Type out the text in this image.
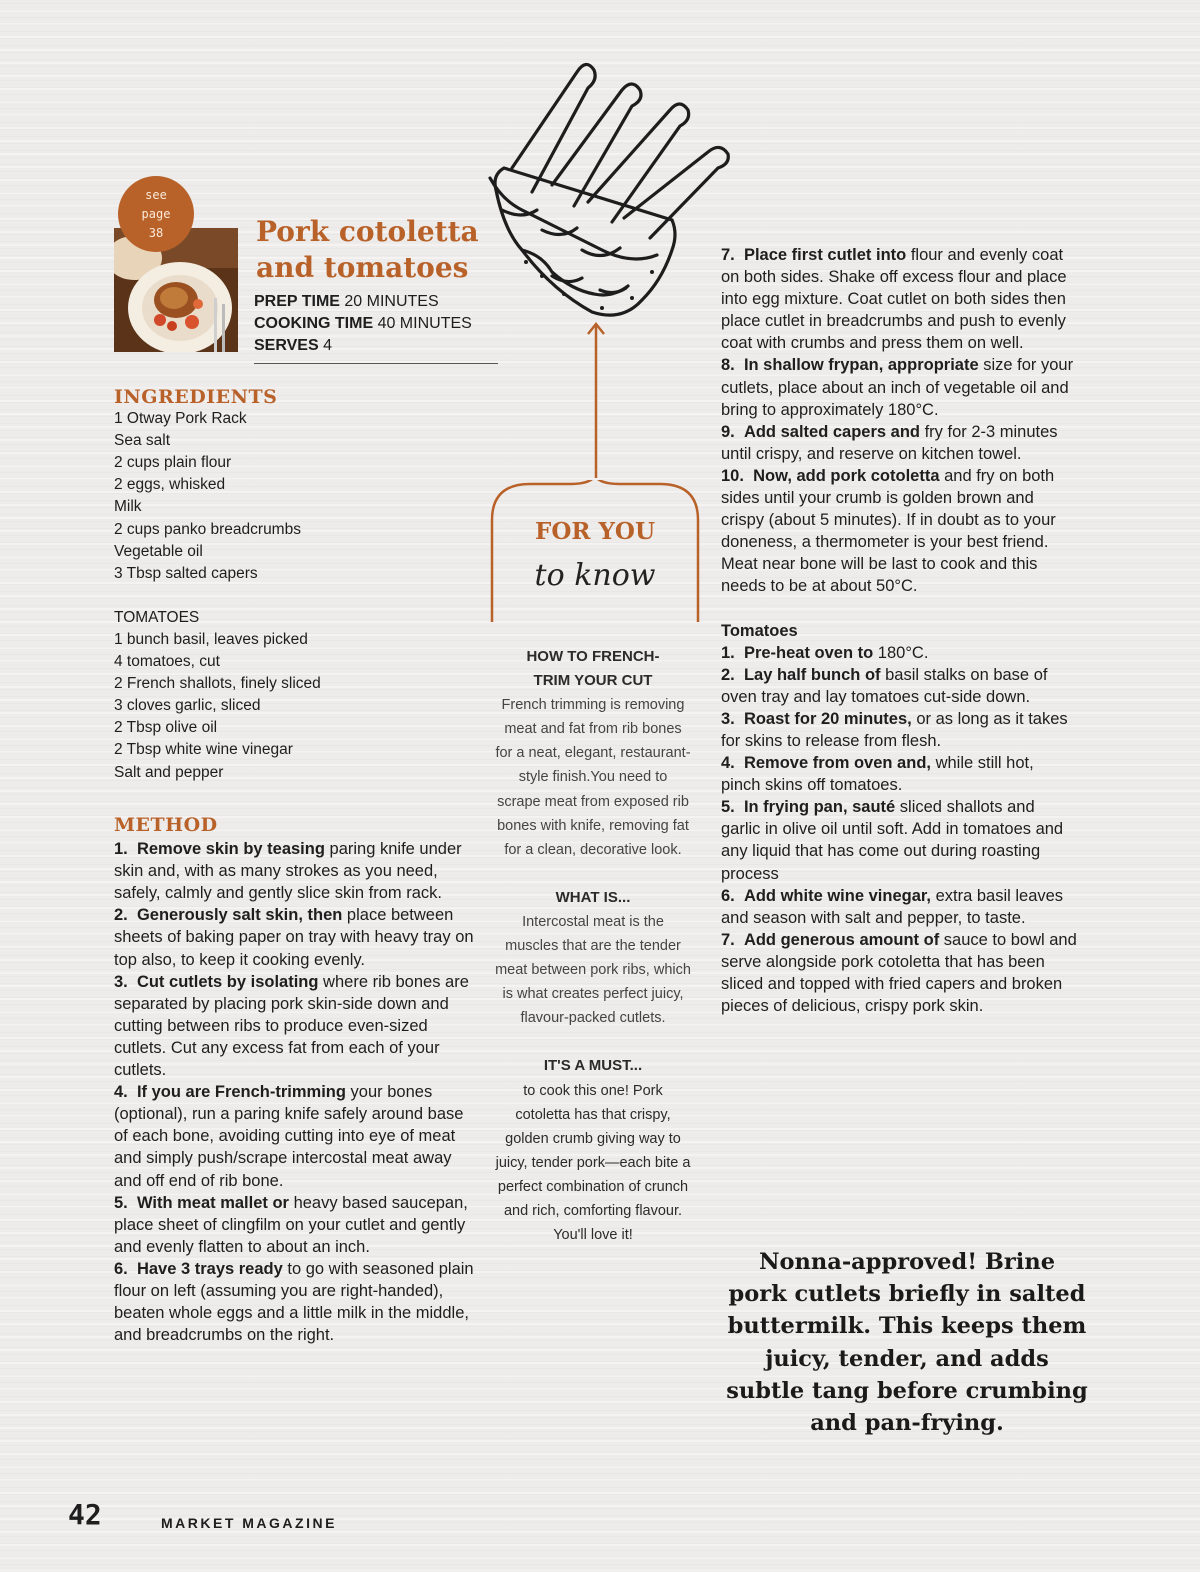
see
page
38	Pork cotoletta
and tomatoes
PREP TIME 20 MINUTES
COOKING TIME 40 MINUTES
SERVES 4
FOR YOU
to know

HOW TO FRENCH-
TRIM YOUR CUT

French trimming is removing meat and fat from rib bones for a neat, elegant, restaurant-style finish.You need to scrape meat from exposed rib bones with knife, removing fat for a clean, decorative look.

WHAT IS...

Intercostal meat is the muscles that are the tender meat between pork ribs, which is what creates perfect juicy, flavour-packed cutlets.

IT'S A MUST...

to cook this one! Pork cotoletta has that crispy, golden crumb giving way to juicy, tender pork—each bite a perfect combination of crunch and rich, comforting flavour. You'll love it!

INGREDIENTS
1 Otway Pork Rack
Sea salt
2 cups plain flour
2 eggs, whisked
Milk
2 cups panko breadcrumbs
Vegetable oil
3 Tbsp salted capers
TOMATOES
1 bunch basil, leaves picked
4 tomatoes, cut
2 French shallots, finely sliced
3 cloves garlic, sliced
2 Tbsp olive oil
2 Tbsp white wine vinegar
Salt and pepper
METHOD

1. Remove skin by teasing paring knife under skin and, with as many strokes as you need, safely, calmly and gently slice skin from rack.

2. Generously salt skin, then place between sheets of baking paper on tray with heavy tray on top also, to keep it cooking evenly.

3. Cut cutlets by isolating where rib bones are separated by placing pork skin-side down and cutting between ribs to produce even-sized cutlets. Cut any excess fat from each of your cutlets.

4. If you are French-trimming your bones (optional), run a paring knife safely around base of each bone, avoiding cutting into eye of meat and simply push/scrape intercostal meat away and off end of rib bone.

5. With meat mallet or heavy based saucepan, place sheet of clingfilm on your cutlet and gently and evenly flatten to about an inch.

6. Have 3 trays ready to go with seasoned plain flour on left (assuming you are right-handed), beaten whole eggs and a little milk in the middle, and breadcrumbs on the right.

7. Place first cutlet into flour and evenly coat on both sides. Shake off excess flour and place into egg mixture. Coat cutlet on both sides then place cutlet in breadcrumbs and push to evenly coat with crumbs and press them on well.

8. In shallow frypan, appropriate size for your cutlets, place about an inch of vegetable oil and bring to approximately 180°C.

9. Add salted capers and fry for 2-3 minutes until crispy, and reserve on kitchen towel.

10. Now, add pork cotoletta and fry on both sides until your crumb is golden brown and crispy (about 5 minutes). If in doubt as to your doneness, a thermometer is your best friend. Meat near bone will be last to cook and this needs to be at about 50°C.

Tomatoes

1. Pre-heat oven to 180°C.

2. Lay half bunch of basil stalks on base of oven tray and lay tomatoes cut-side down.

3. Roast for 20 minutes, or as long as it takes for skins to release from flesh.

4. Remove from oven and, while still hot, pinch skins off tomatoes.

5. In frying pan, sauté sliced shallots and garlic in olive oil until soft. Add in tomatoes and any liquid that has come out during roasting process

6. Add white wine vinegar, extra basil leaves and season with salt and pepper, to taste.

7. Add generous amount of sauce to bowl and serve alongside pork cotoletta that has been sliced and topped with fried capers and broken pieces of delicious, crispy pork skin.

Nonna-approved! Brine pork cutlets briefly in salted buttermilk. This keeps them juicy, tender, and adds subtle tang before crumbing and pan-frying.

42	MARKET MAGAZINE
